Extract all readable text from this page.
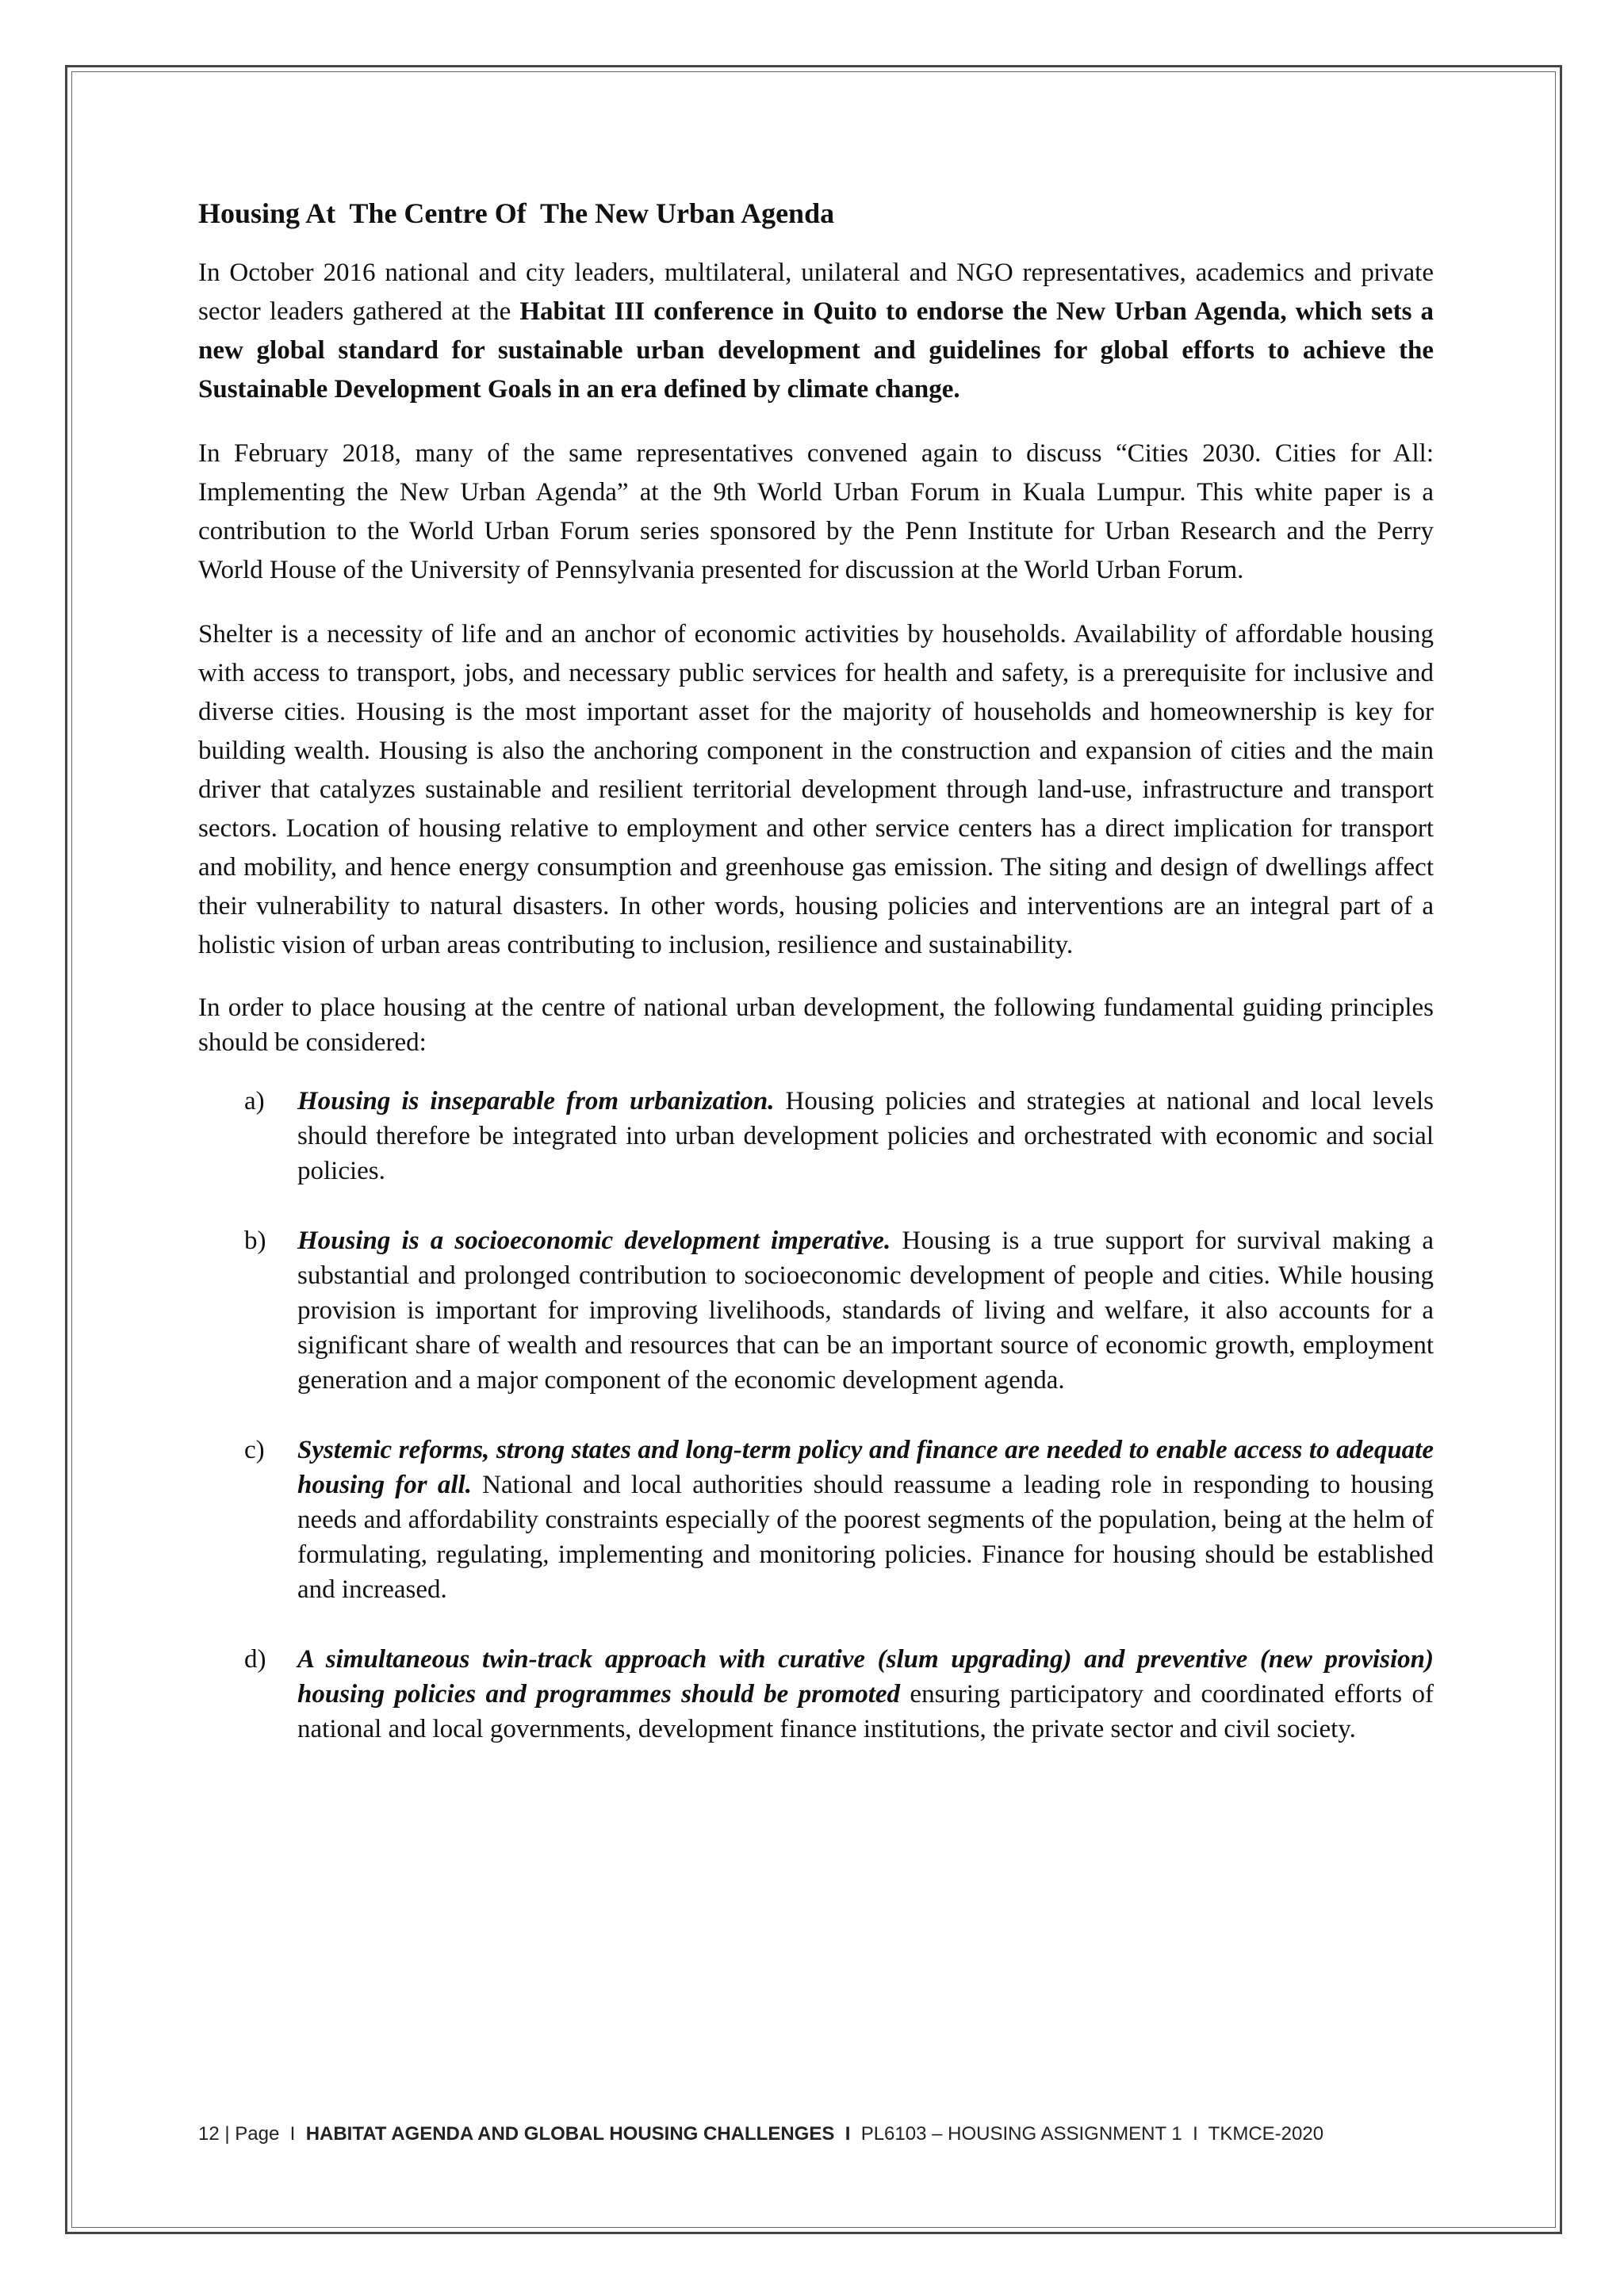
Housing At  The Centre Of  The New Urban Agenda

In October 2016 national and city leaders, multilateral, unilateral and NGO representatives, academics and private sector leaders gathered at the Habitat III conference in Quito to endorse the New Urban Agenda, which sets a new global standard for sustainable urban development and guidelines for global efforts to achieve the Sustainable Development Goals in an era defined by climate change.

In February 2018, many of the same representatives convened again to discuss “Cities 2030. Cities for All: Implementing the New Urban Agenda” at the 9th World Urban Forum in Kuala Lumpur. This white paper is a contribution to the World Urban Forum series sponsored by the Penn Institute for Urban Research and the Perry World House of the University of Pennsylvania presented for discussion at the World Urban Forum.

Shelter is a necessity of life and an anchor of economic activities by households. Availability of affordable housing with access to transport, jobs, and necessary public services for health and safety, is a prerequisite for inclusive and diverse cities. Housing is the most important asset for the majority of households and homeownership is key for building wealth. Housing is also the anchoring component in the construction and expansion of cities and the main driver that catalyzes sustainable and resilient territorial development through land-use, infrastructure and transport sectors. Location of housing relative to employment and other service centers has a direct implication for transport and mobility, and hence energy consumption and greenhouse gas emission. The siting and design of dwellings affect their vulnerability to natural disasters. In other words, housing policies and interventions are an integral part of a holistic vision of urban areas contributing to inclusion, resilience and sustainability.

In order to place housing at the centre of national urban development, the following fundamental guiding principles should be considered:

a) Housing is inseparable from urbanization. Housing policies and strategies at national and local levels should therefore be integrated into urban development policies and orchestrated with economic and social policies.
b) Housing is a socioeconomic development imperative. Housing is a true support for survival making a substantial and prolonged contribution to socioeconomic development of people and cities. While housing provision is important for improving livelihoods, standards of living and welfare, it also accounts for a significant share of wealth and resources that can be an important source of economic growth, employment generation and a major component of the economic development agenda.
c) Systemic reforms, strong states and long-term policy and finance are needed to enable access to adequate housing for all. National and local authorities should reassume a leading role in responding to housing needs and affordability constraints especially of the poorest segments of the population, being at the helm of formulating, regulating, implementing and monitoring policies. Finance for housing should be established and increased.
d) A simultaneous twin-track approach with curative (slum upgrading) and preventive (new provision) housing policies and programmes should be promoted ensuring participatory and coordinated efforts of national and local governments, development finance institutions, the private sector and civil society.
12 | Page I HABITAT AGENDA AND GLOBAL HOUSING CHALLENGES I PL6103 – HOUSING ASSIGNMENT 1 I TKMCE-2020
